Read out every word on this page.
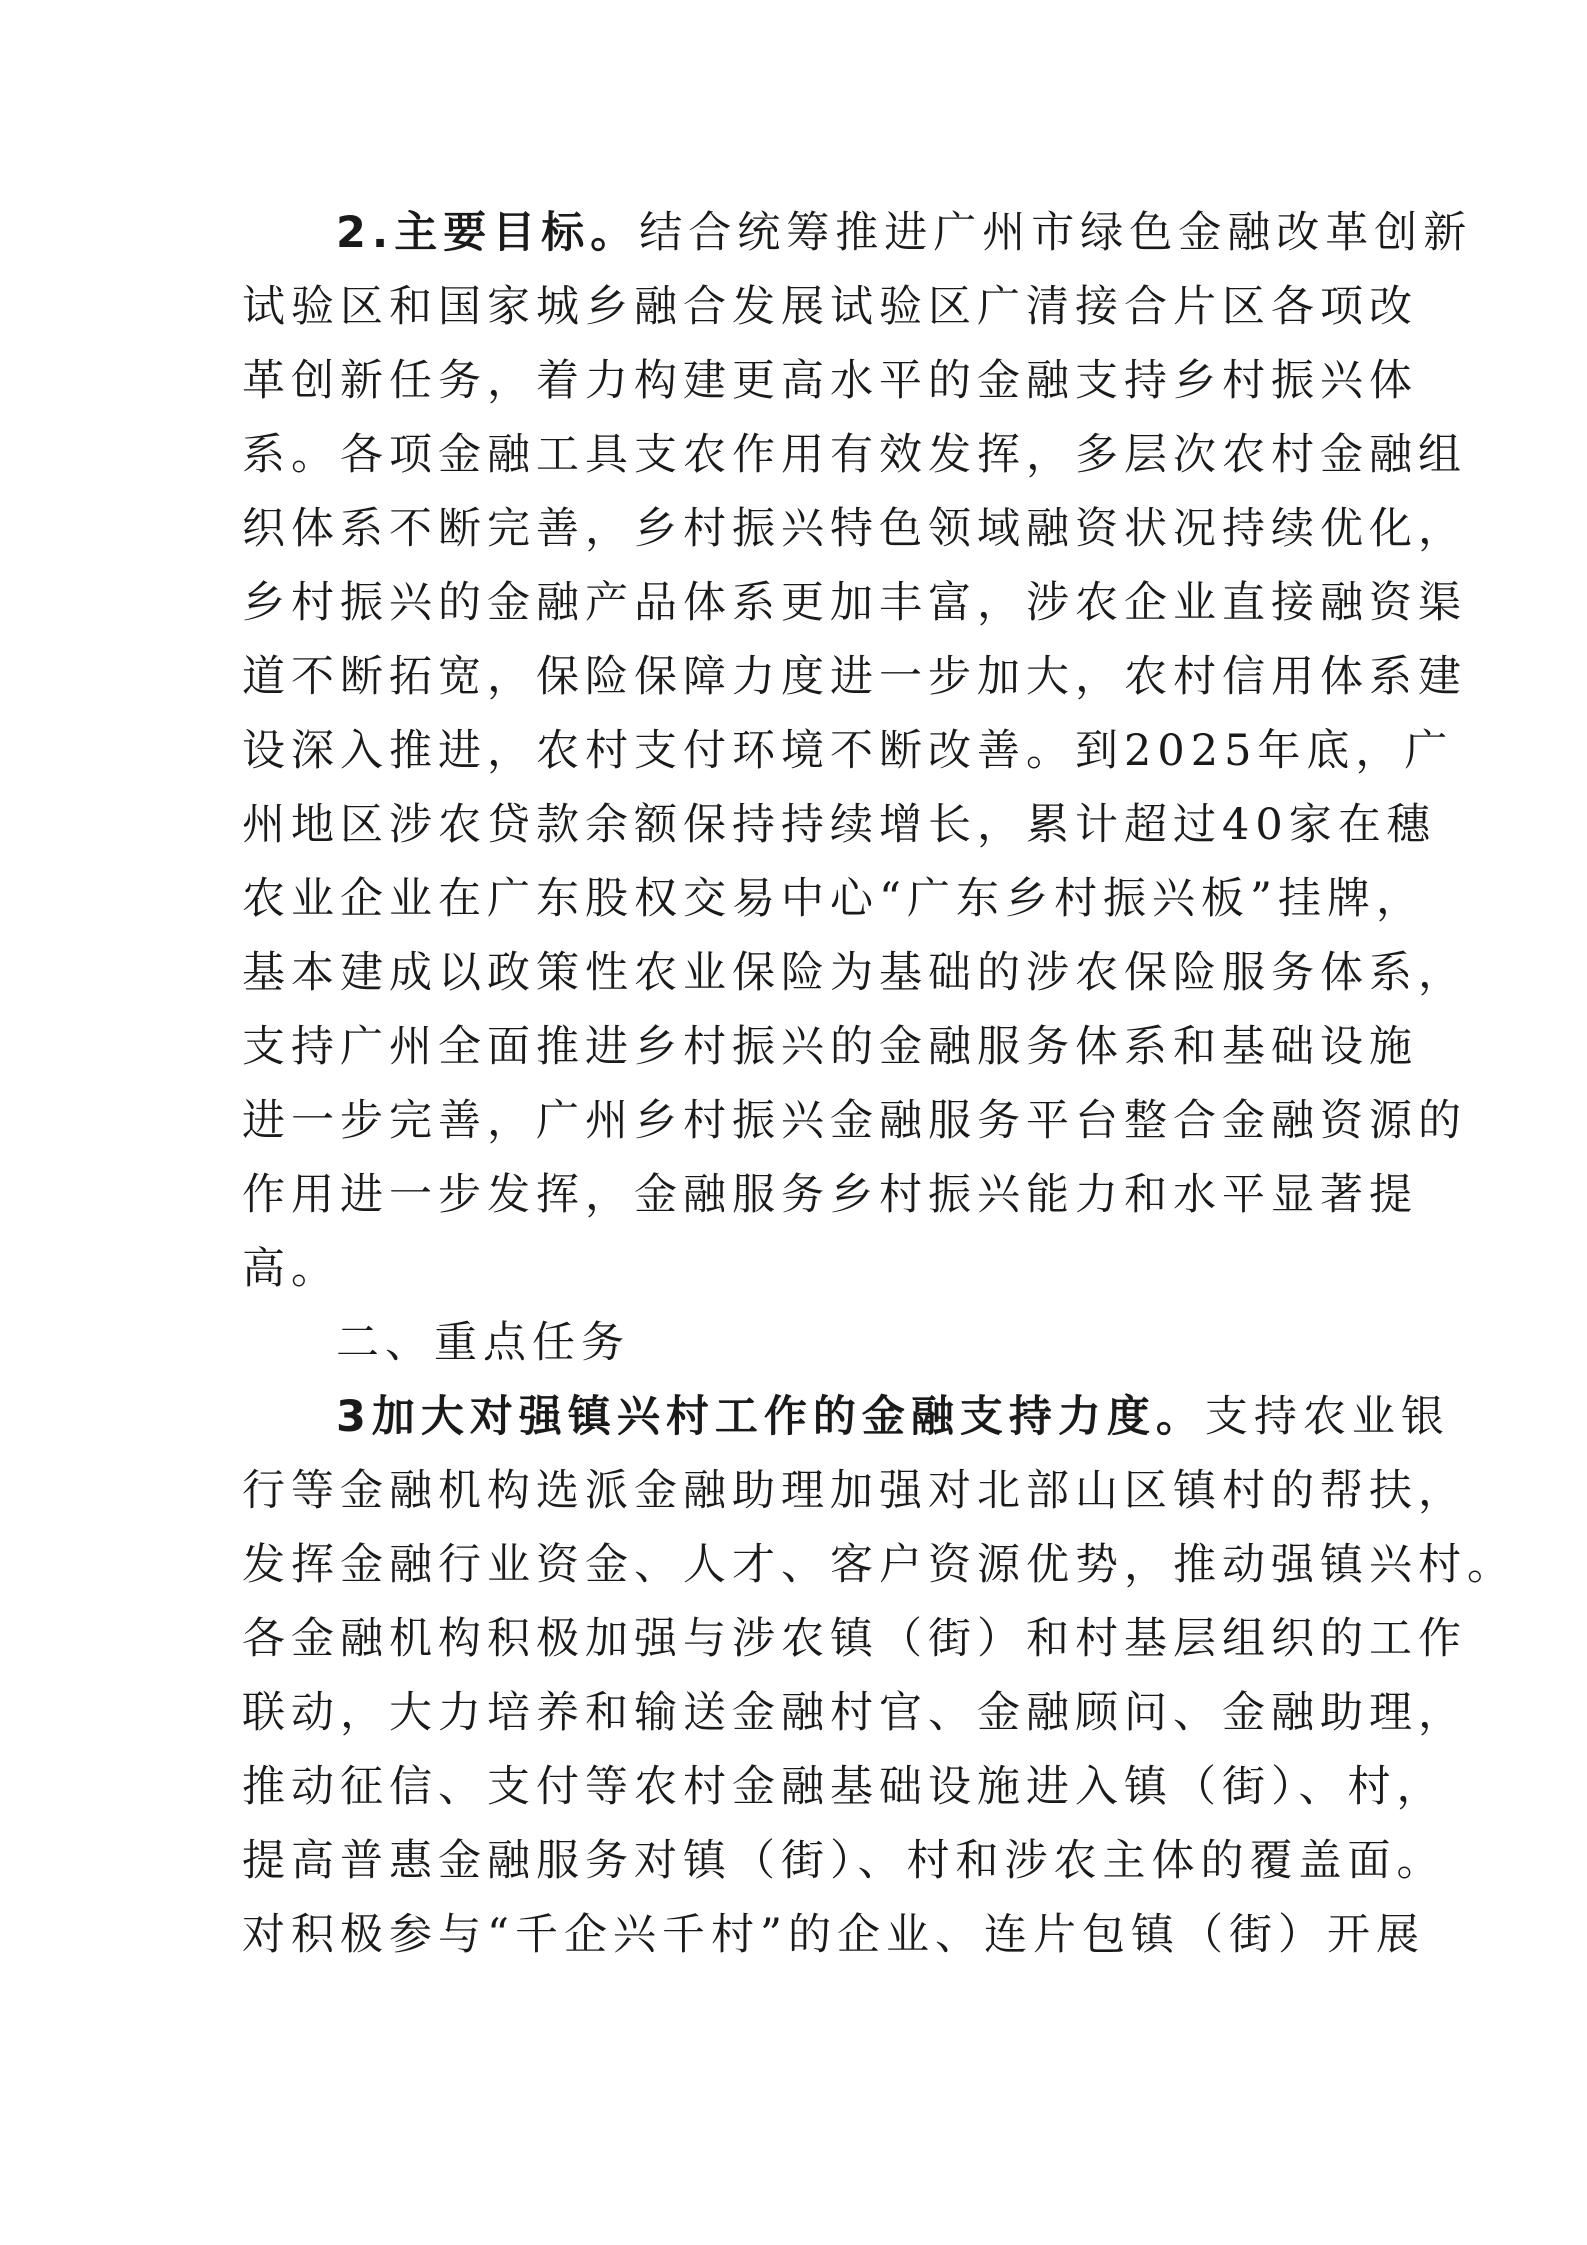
2.主要目标。结合统筹推进广州市绿色金融改革创新
试验区和国家城乡融合发展试验区广清接合片区各项改
革创新任务，着力构建更高水平的金融支持乡村振兴体
系。各项金融工具支农作用有效发挥，多层次农村金融组
织体系不断完善，乡村振兴特色领域融资状况持续优化，
乡村振兴的金融产品体系更加丰富，涉农企业直接融资渠
道不断拓宽，保险保障力度进一步加大，农村信用体系建
设深入推进，农村支付环境不断改善。到2025年底，广
州地区涉农贷款余额保持持续增长，累计超过40家在穗
农业企业在广东股权交易中心“广东乡村振兴板”挂牌，
基本建成以政策性农业保险为基础的涉农保险服务体系，
支持广州全面推进乡村振兴的金融服务体系和基础设施
进一步完善，广州乡村振兴金融服务平台整合金融资源的
作用进一步发挥，金融服务乡村振兴能力和水平显著提
高。
二、重点任务
3加大对强镇兴村工作的金融支持力度。支持农业银
行等金融机构选派金融助理加强对北部山区镇村的帮扶，
发挥金融行业资金、人才、客户资源优势，推动强镇兴村。
各金融机构积极加强与涉农镇（街）和村基层组织的工作
联动，大力培养和输送金融村官、金融顾问、金融助理，
推动征信、支付等农村金融基础设施进入镇（街）、村，
提高普惠金融服务对镇（街）、村和涉农主体的覆盖面。
对积极参与“千企兴千村”的企业、连片包镇（街）开展
